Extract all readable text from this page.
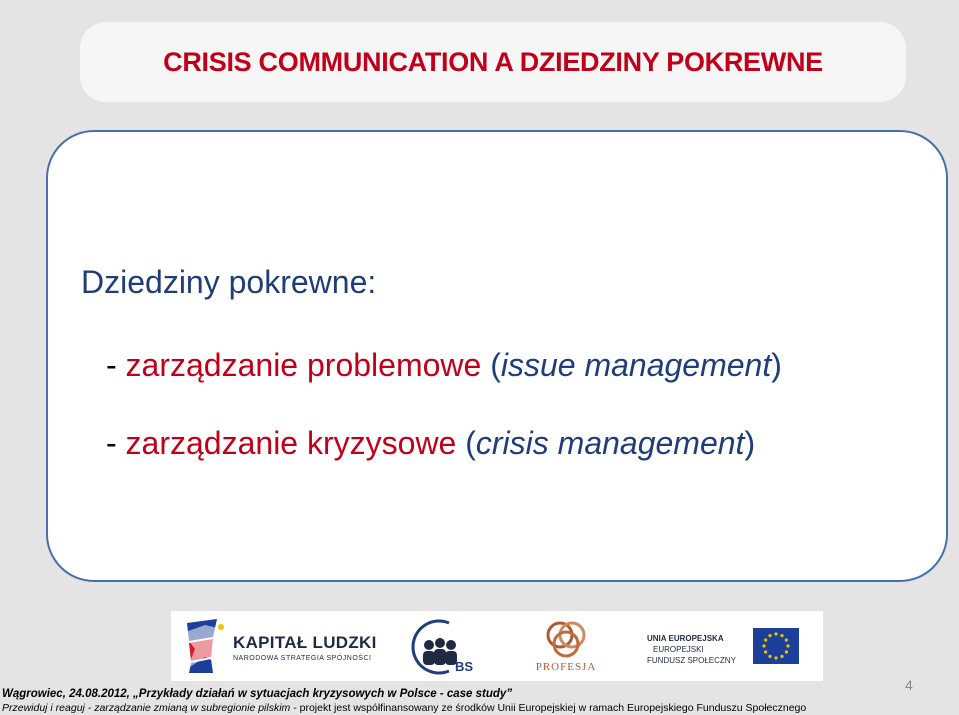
CRISIS COMMUNICATION A DZIEDZINY POKREWNE
Dziedziny pokrewne:
- zarządzanie problemowe (issue management)
- zarządzanie kryzysowe (crisis management)
KAPITAŁ LUDZKI
NARODOWA STRATEGIA SPÓJNOŚCI
BS	PROFESJA
UNIA EUROPEJSKA
EUROPEJSKI
FUNDUSZ SPOŁECZNY
4
Wągrowiec, 24.08.2012, „Przykłady działań w sytuacjach kryzysowych w Polsce - case study”
Przewiduj i reaguj - zarządzanie zmianą w subregionie pilskim - projekt jest współfinansowany ze środków Unii Europejskiej w ramach Europejskiego Funduszu Społecznego
